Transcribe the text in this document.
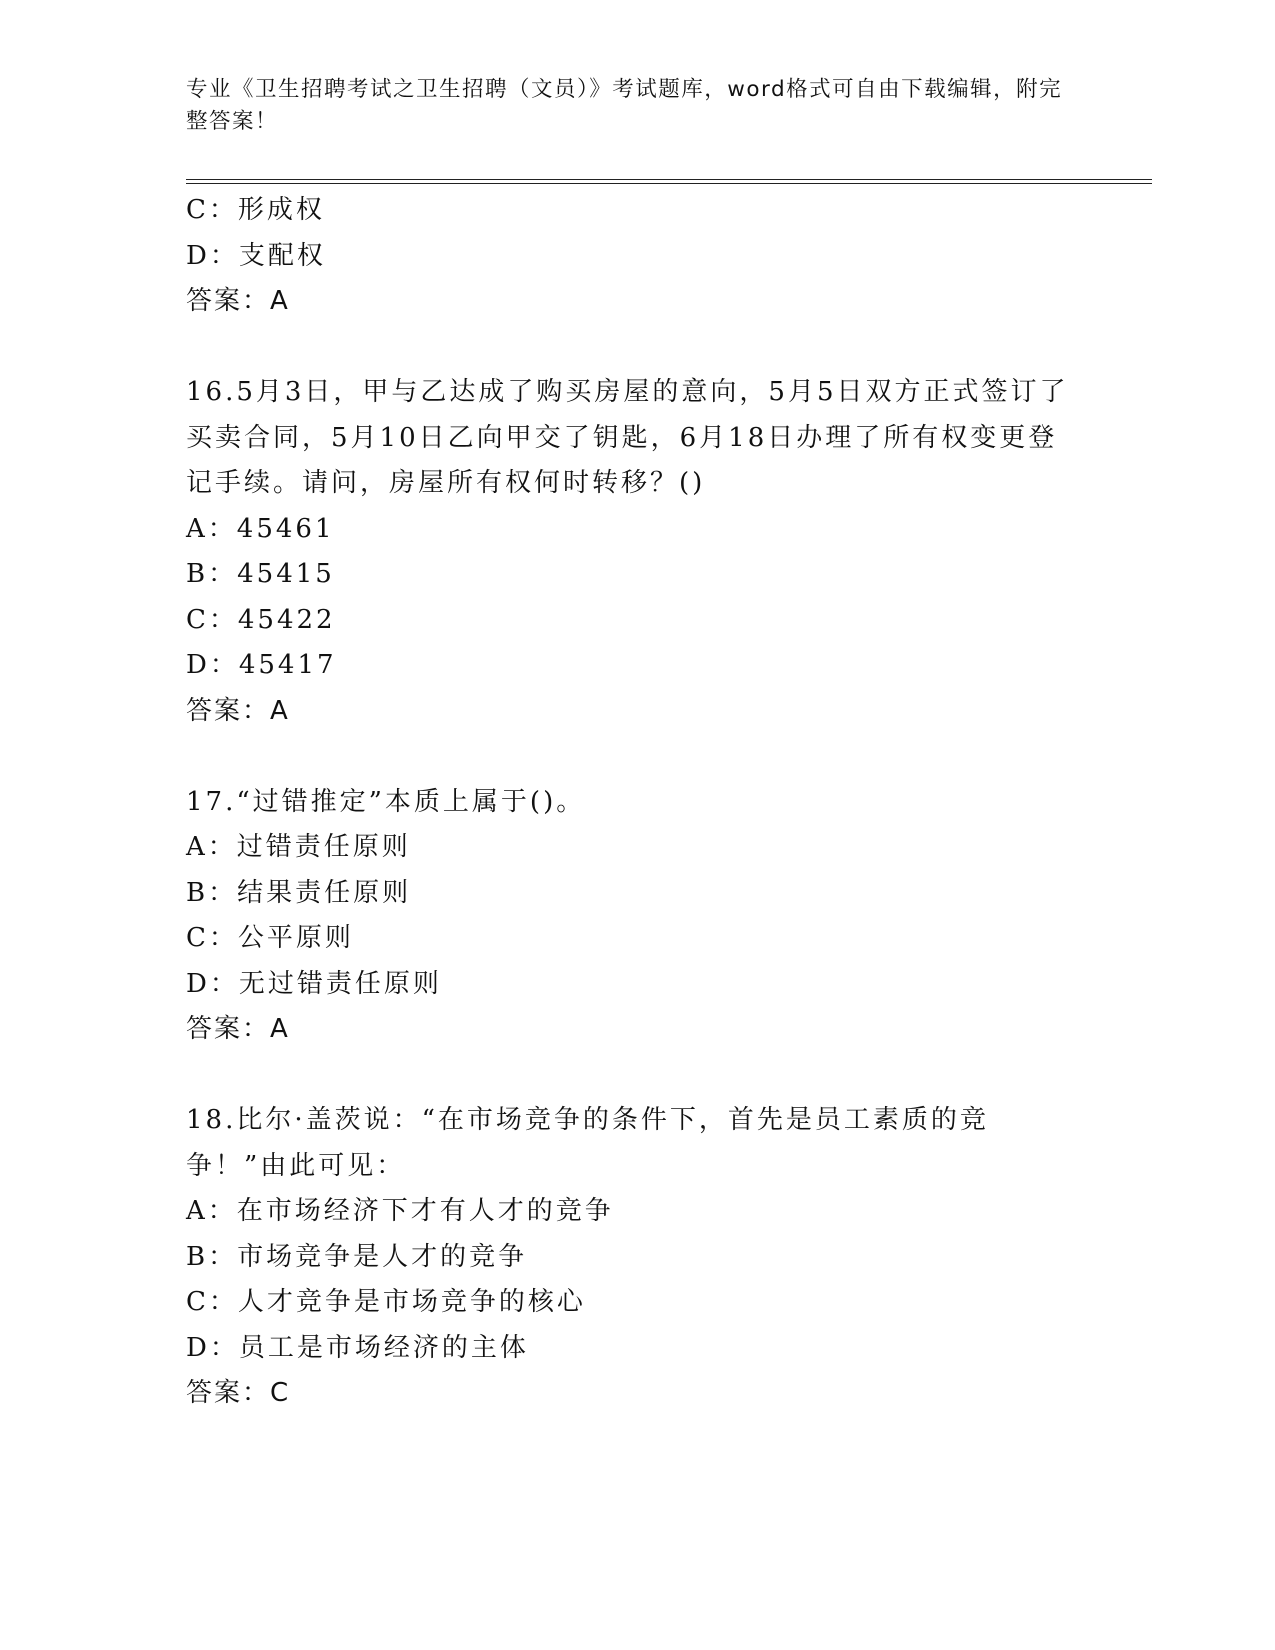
专业《卫生招聘考试之卫生招聘（文员）》考试题库，word格式可自由下载编辑，附完整答案！
C：形成权
D：支配权
答案：A
16.5月3日，甲与乙达成了购买房屋的意向，5月5日双方正式签订了买卖合同，5月10日乙向甲交了钥匙，6月18日办理了所有权变更登记手续。请问，房屋所有权何时转移？()
A：45461
B：45415
C：45422
D：45417
答案：A
17.“过错推定”本质上属于()。
A：过错责任原则
B：结果责任原则
C：公平原则
D：无过错责任原则
答案：A
18.比尔·盖茨说：“在市场竞争的条件下，首先是员工素质的竞争！”由此可见：
A：在市场经济下才有人才的竞争
B：市场竞争是人才的竞争
C：人才竞争是市场竞争的核心
D：员工是市场经济的主体
答案：C
